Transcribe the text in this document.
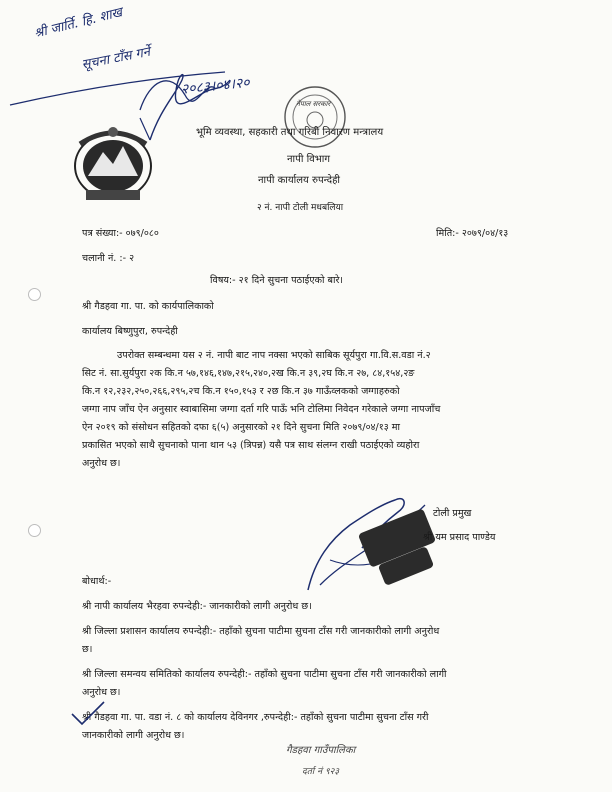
श्री जार्ति. हि. शाख
सूचना टाँस गर्ने
२०८३।०४।२०
नेपाल सरकार
भूमि व्यवस्था, सहकारी तथा गरिबी निवारण मन्त्रालय
नापी विभाग
नापी कार्यालय रुपन्देही
२ नं. नापी टोली मधबलिया
पत्र संख्या:- ०७९/०८०	मिति:- २०७९/०४/१३
चलानी नं. :- २
विषय:- २१ दिने सुचना पठाईएको बारे।
श्री गैडहवा गा. पा. को कार्यपालिकाको
कार्यालय बिष्णुपुरा, रुपन्देही
उपरोक्त सम्बन्धमा यस २ नं. नापी बाट नाप नक्सा भएको साबिक सूर्यपुरा गा.वि.स.वडा नं.२
सिट नं. सा.सुर्यपुरा २क कि.न ५७,१४६,१४७,२१५,२४०,२ख कि.न ३९,२घ कि.न २७, ८४,१५४,२ङ
कि.न १२,२३२,२५०,२६६,२९५,२च कि.न १५०,१५३ र २छ कि.न ३७ गाऊँव्लकको जग्गाहरुको
जग्गा नाप जाँच ऐन अनुसार स्वाबासिमा जग्गा दर्ता गरि पाऊँ भनि टोलिमा निवेदन गरेकाले जग्गा नापजाँच
ऐन २०१९ को संसोधन सहितको दफा ६(५) अनुसारको २१ दिने सुचना मिति २०७९/०४/१३ मा
प्रकासित भएको साथै सुचनाको पाना थान ५३ (त्रिपन्न) यसै पत्र साथ संलग्न राखी पठाईएको व्यहोरा
अनुरोध छ।
टोली प्रमुख
श्री यम प्रसाद पाण्डेय
बोधार्थ:-
श्री नापी कार्यालय भैरहवा रुपन्देही:- जानकारीको लागी अनुरोध छ।
श्री जिल्ला प्रशासन कार्यालय रुपन्देही:- तहाँको सुचना पाटीमा सुचना टाँस गरी जानकारीको लागी अनुरोध
छ।
श्री जिल्ला समन्वय समितिको कार्यालय रुपन्देही:- तहाँको सुचना पाटीमा सुचना टाँस गरी जानकारीको लागी
अनुरोध छ।
श्री गैडहवा गा. पा. वडा नं. ८ को कार्यालय देविनगर ,रुपन्देही:- तहाँको सुचना पाटीमा सुचना टाँस गरी
जानकारीको लागी अनुरोध छ।
गैडहवा गाउँपालिका
दर्ता नं ९२३
